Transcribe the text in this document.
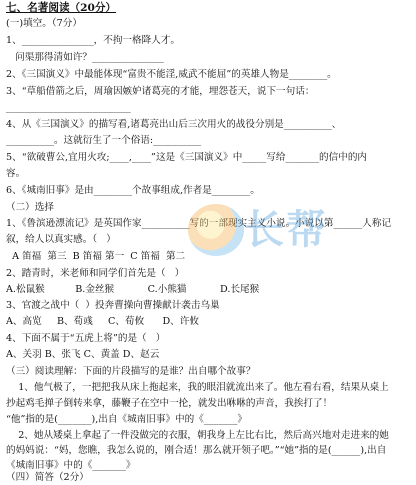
七、名著阅读（20分）
(一)填空。（7分）
1、_______________，不拘一格降人才。
问渠那得清如许？_______________
2、《三国演义》中最能体现“富贵不能淫,威武不能屈”的英雄人物是________。
3、“草船借箭之后，周瑜因嫉妒诸葛亮的才能，埋怨苍天，说下一句话：
__________________________
4、从《三国演义》的描写看,诸葛亮出山后三次用火的战役分别是__________、
__________。这就衍生了一个俗语:__________
5、“欲破曹公,宜用火攻;____,____”这是《三国演义》中_____写给_______的信中的内
容。
6、《城南旧事》是由________个故事组成,作者是________。
（二）选择
1、《鲁滨逊漂流记》是英国作家__________写的一部现实主义小说。小说以第______人称记
叙，给人以真实感。（   ）
A 笛福  第三  B 笛福 第一  C 笛福  第二
2、踏青时，米老师和同学们首先是（   ）
A.松鼠猴          B.金丝猴           C.小熊猫           D.长尾猴
3、官渡之战中（  ）投奔曹操向曹操献计袭击乌巢
A、高览     B、荀彧     C、荀攸      D、许攸
4、下面不属于“五虎上将”的是（   ）
A、关羽 B、张飞 C、黄盖 D、赵云
（三）阅读理解：下面的片段描写的是谁？出自哪个故事？
1、他气极了，一把把我从床上拖起来，我的眼泪就流出来了。他左看右看，结果从桌上
抄起鸡毛掸子倒转来拿，藤鞭子在空中一抡，就发出咻咻的声音，我挨打了！
“他”指的是(_______),出自《城南旧事》中的《_______》
2、她从矮桌上拿起了一件没做完的衣服，朝我身上左比右比，然后高兴地对走进来的她
的妈妈说：“妈，您瞧，我怎么说的，刚合适！那么就开领子吧。”“她”指的是(______),出自
《城南旧事》中的《_______》
（四）简答（2分）
长帮
